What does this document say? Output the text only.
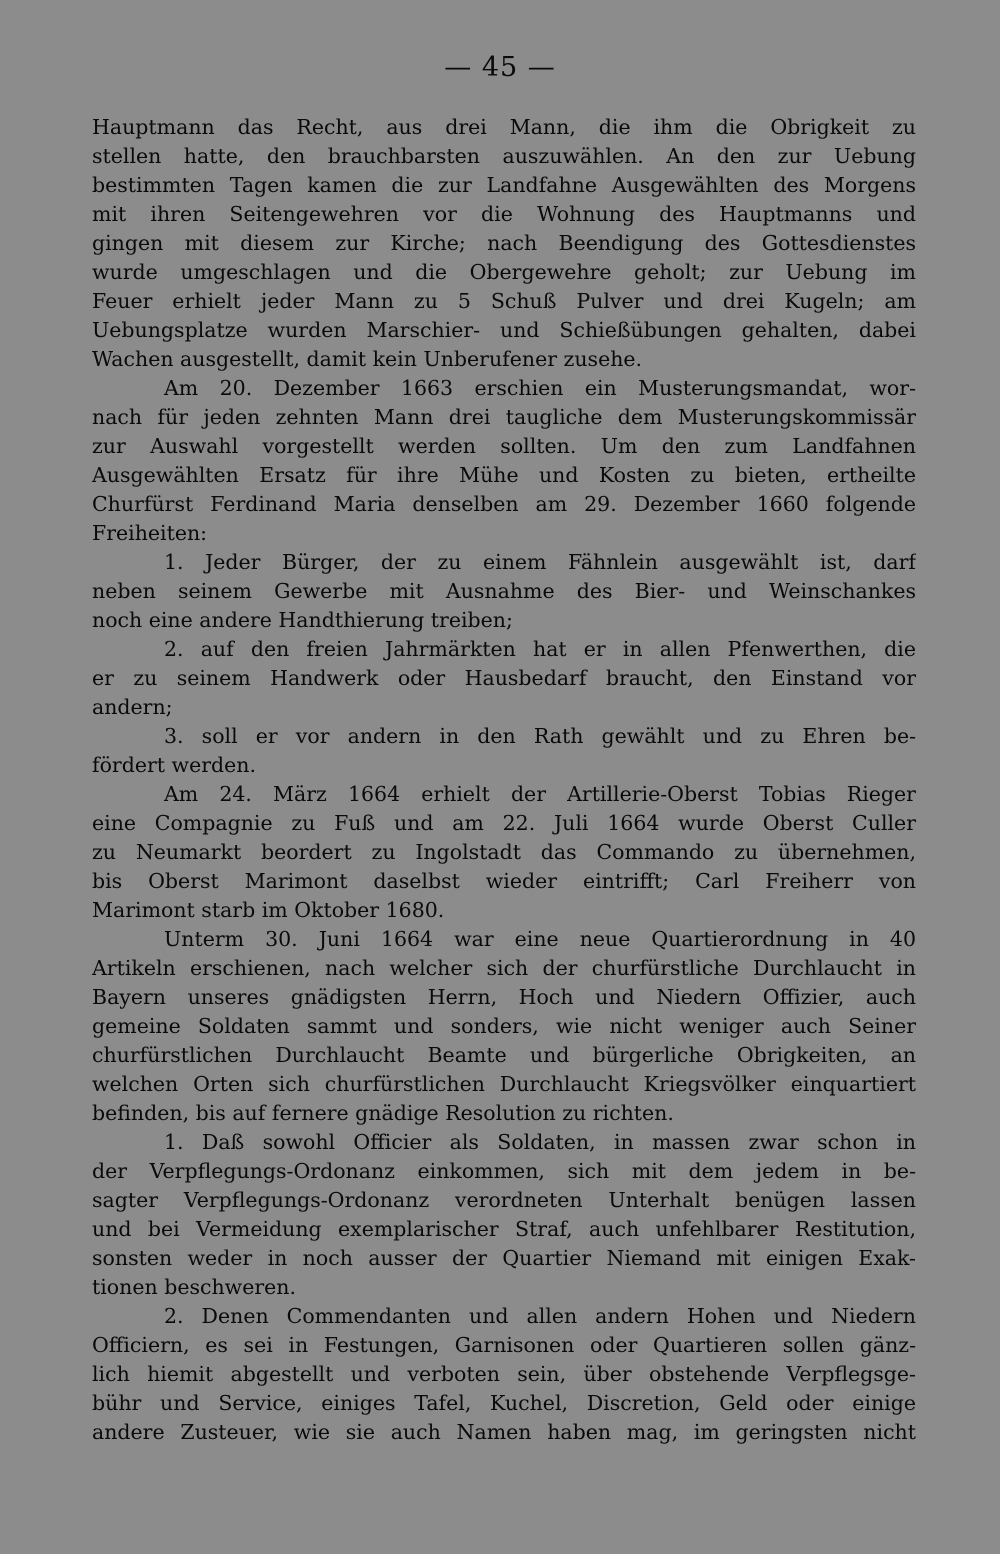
— 45 —
Hauptmann das Recht, aus drei Mann, die ihm die Obrigkeit zu
stellen hatte, den brauchbarsten auszuwählen. An den zur Uebung
bestimmten Tagen kamen die zur Landfahne Ausgewählten des Morgens
mit ihren Seitengewehren vor die Wohnung des Hauptmanns und
gingen mit diesem zur Kirche; nach Beendigung des Gottesdienstes
wurde umgeschlagen und die Obergewehre geholt; zur Uebung im
Feuer erhielt jeder Mann zu 5 Schuß Pulver und drei Kugeln; am
Uebungsplatze wurden Marschier- und Schießübungen gehalten, dabei
Wachen ausgestellt, damit kein Unberufener zusehe.
Am 20. Dezember 1663 erschien ein Musterungsmandat, wor-
nach für jeden zehnten Mann drei taugliche dem Musterungskommissär
zur Auswahl vorgestellt werden sollten. Um den zum Landfahnen
Ausgewählten Ersatz für ihre Mühe und Kosten zu bieten, ertheilte
Churfürst Ferdinand Maria denselben am 29. Dezember 1660 folgende
Freiheiten:
1. Jeder Bürger, der zu einem Fähnlein ausgewählt ist, darf
neben seinem Gewerbe mit Ausnahme des Bier- und Weinschankes
noch eine andere Handthierung treiben;
2. auf den freien Jahrmärkten hat er in allen Pfenwerthen, die
er zu seinem Handwerk oder Hausbedarf braucht, den Einstand vor
andern;
3. soll er vor andern in den Rath gewählt und zu Ehren be-
fördert werden.
Am 24. März 1664 erhielt der Artillerie-Oberst Tobias Rieger
eine Compagnie zu Fuß und am 22. Juli 1664 wurde Oberst Culler
zu Neumarkt beordert zu Ingolstadt das Commando zu übernehmen,
bis Oberst Marimont daselbst wieder eintrifft; Carl Freiherr von
Marimont starb im Oktober 1680.
Unterm 30. Juni 1664 war eine neue Quartierordnung in 40
Artikeln erschienen, nach welcher sich der churfürstliche Durchlaucht in
Bayern unseres gnädigsten Herrn, Hoch und Niedern Offizier, auch
gemeine Soldaten sammt und sonders, wie nicht weniger auch Seiner
churfürstlichen Durchlaucht Beamte und bürgerliche Obrigkeiten, an
welchen Orten sich churfürstlichen Durchlaucht Kriegsvölker einquartiert
befinden, bis auf fernere gnädige Resolution zu richten.
1. Daß sowohl Officier als Soldaten, in massen zwar schon in
der Verpflegungs-Ordonanz einkommen, sich mit dem jedem in be-
sagter Verpflegungs-Ordonanz verordneten Unterhalt benügen lassen
und bei Vermeidung exemplarischer Straf, auch unfehlbarer Restitution,
sonsten weder in noch ausser der Quartier Niemand mit einigen Exak-
tionen beschweren.
2. Denen Commendanten und allen andern Hohen und Niedern
Officiern, es sei in Festungen, Garnisonen oder Quartieren sollen gänz-
lich hiemit abgestellt und verboten sein, über obstehende Verpflegsge-
bühr und Service, einiges Tafel, Kuchel, Discretion, Geld oder einige
andere Zusteuer, wie sie auch Namen haben mag, im geringsten nicht
